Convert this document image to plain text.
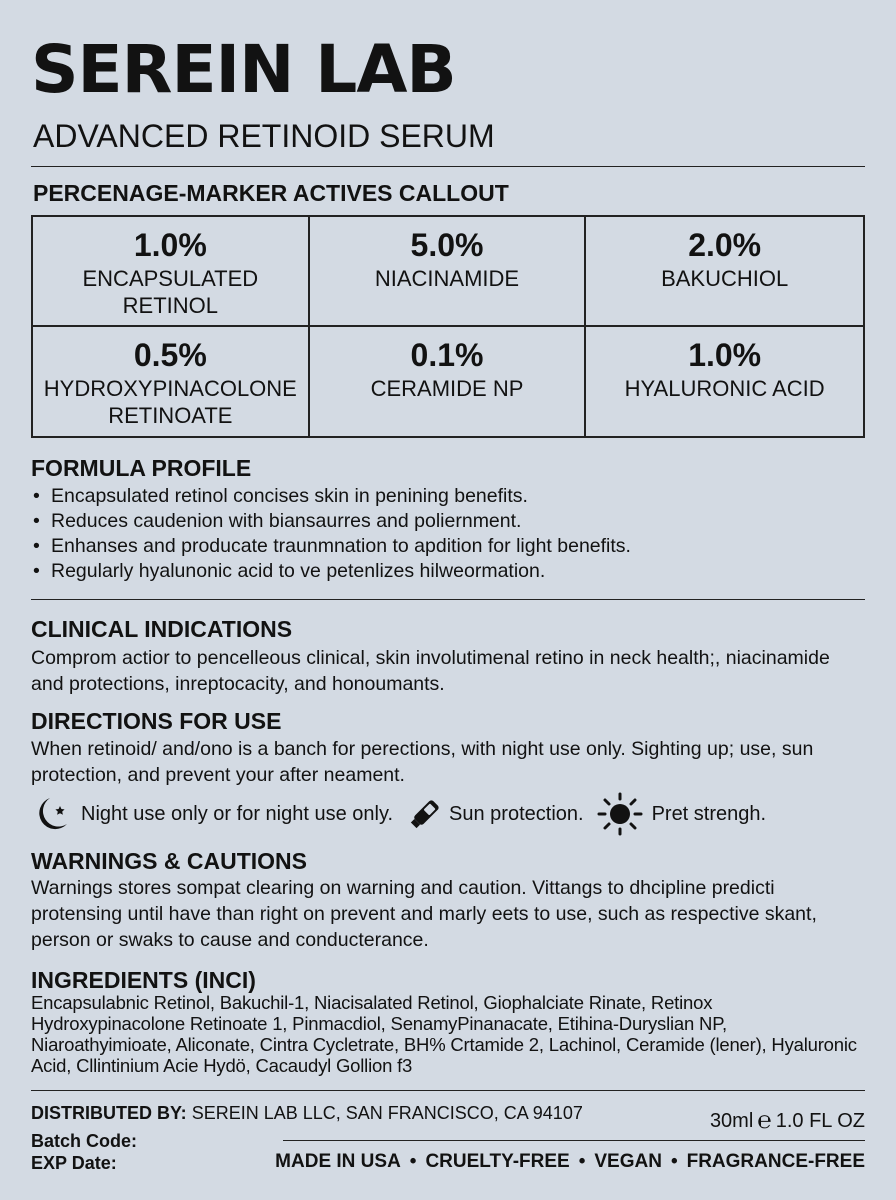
SEREIN LAB
ADVANCED RETINOID SERUM
PERCENAGE-MARKER ACTIVES CALLOUT
1.0%
ENCAPSULATED
RETINOL
5.0%
NIACINAMIDE
2.0%
BAKUCHIOL
0.5%
HYDROXYPINACOLONE
RETINOATE
0.1%
CERAMIDE NP
1.0%
HYALURONIC ACID
FORMULA PROFILE
• Encapsulated retinol concises skin in penining benefits.
• Reduces caudenion with biansaurres and poliernment.
• Enhanses and producate traunmnation to apdition for light benefits.
• Regularly hyalunonic acid to ve petenlizes hilweormation.
CLINICAL INDICATIONS
Comprom actior to pencelleous clinical, skin involutimenal retino in neck health;, niacinamide and protections, inreptocacity, and honoumants.
DIRECTIONS FOR USE
When retinoid/ and/ono is a banch for perections, with night use only. Sighting up; use, sun protection, and prevent your after neament.
Night use only or for night use only.	Sun protection.	Pret strengh.
WARNINGS & CAUTIONS
Warnings stores sompat clearing on warning and caution. Vittangs to dhcipline predicti protensing until have than right on prevent and marly eets to use, such as respective skant, person or swaks to cause and conducterance.
INGREDIENTS (INCI)
Encapsulabnic Retinol, Bakuchil-1, Niacisalated Retinol, Giophalciate Rinate, Retinox Hydroxypinacolone Retinoate 1, Pinmacdiol, SenamyPinanacate, Etihina-Duryslian NP, Niaroathyimioate, Aliconate, Cintra Cycletrate, BH% Crtamide 2, Lachinol, Ceramide (lener), Hyaluronic Acid, Cllintinium Acie Hydö, Cacaudyl Gollion f3
DISTRIBUTED BY: SEREIN LAB LLC, SAN FRANCISCO, CA 94107
Batch Code:
EXP Date:
30ml ℮ 1.0 FL OZ
MADE IN USA • CRUELTY-FREE • VEGAN • FRAGRANCE-FREE
